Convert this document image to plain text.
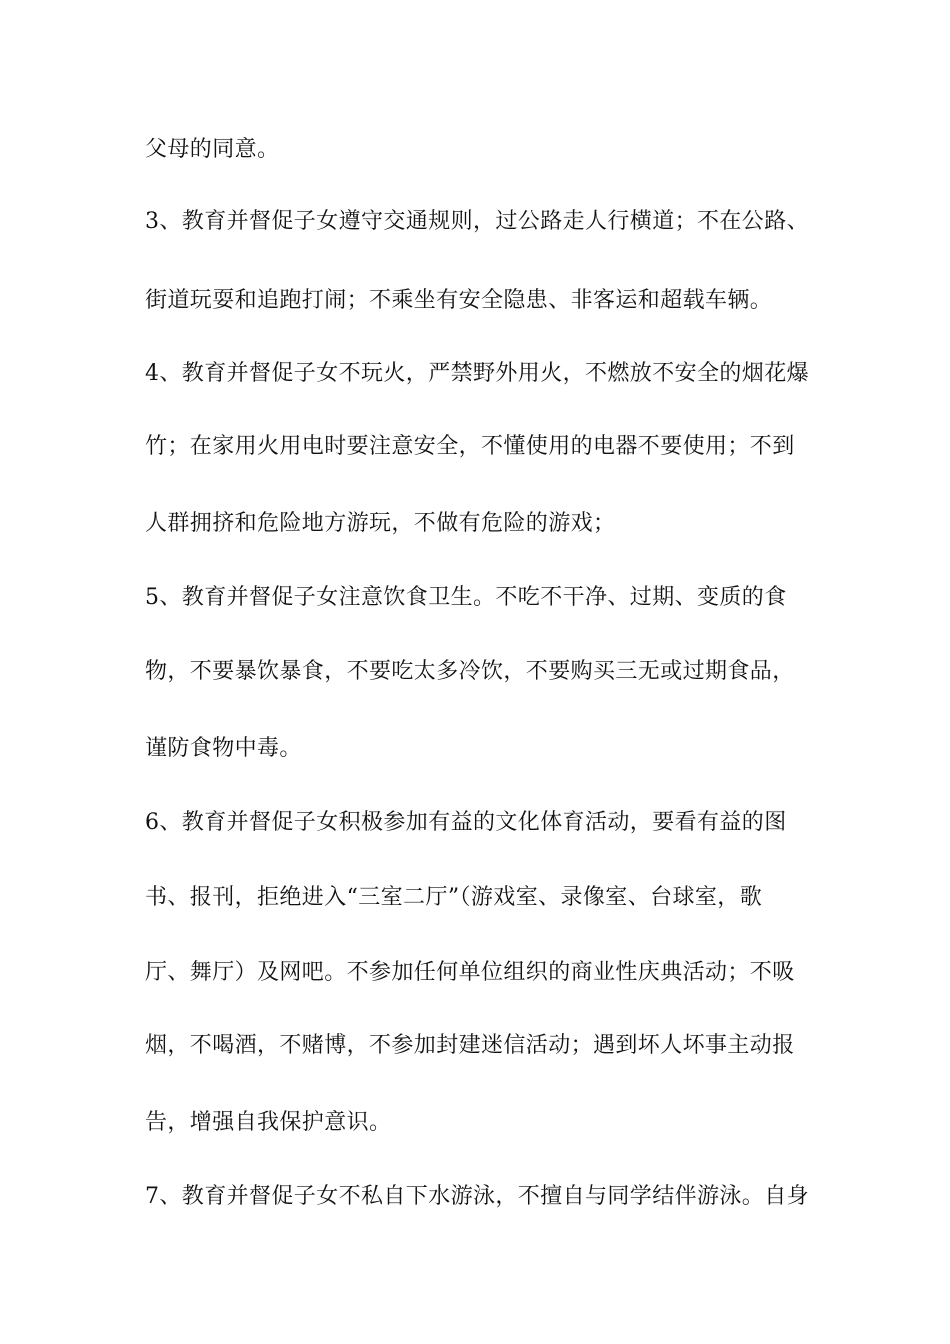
父母的同意。
3、教育并督促子女遵守交通规则，过公路走人行横道；不在公路、
街道玩耍和追跑打闹；不乘坐有安全隐患、非客运和超载车辆。
4、教育并督促子女不玩火，严禁野外用火，不燃放不安全的烟花爆
竹；在家用火用电时要注意安全，不懂使用的电器不要使用；不到
人群拥挤和危险地方游玩，不做有危险的游戏；
5、教育并督促子女注意饮食卫生。不吃不干净、过期、变质的食
物，不要暴饮暴食，不要吃太多冷饮，不要购买三无或过期食品，
谨防食物中毒。
6、教育并督促子女积极参加有益的文化体育活动，要看有益的图
书、报刊，拒绝进入“三室二厅”（游戏室、录像室、台球室，歌
厅、舞厅）及网吧。不参加任何单位组织的商业性庆典活动；不吸
烟，不喝酒，不赌博，不参加封建迷信活动；遇到坏人坏事主动报
告，增强自我保护意识。
7、教育并督促子女不私自下水游泳，不擅自与同学结伴游泳。自身
